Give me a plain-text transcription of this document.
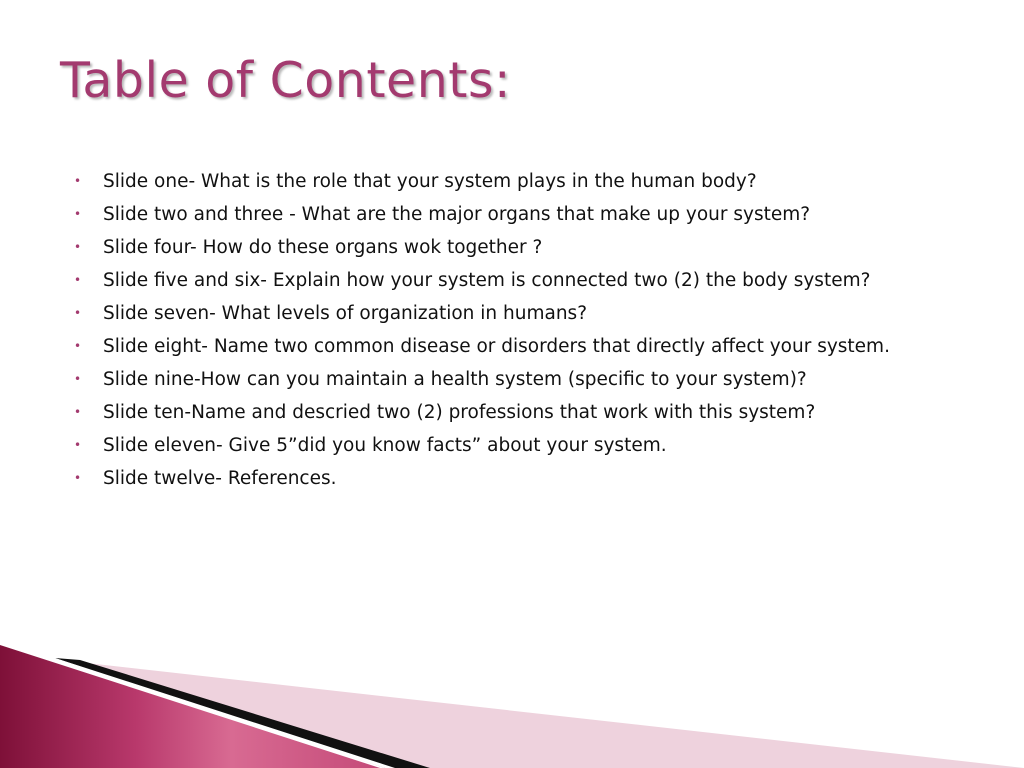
Table of Contents:
•	Slide one- What is the role that your system plays in the human body?
•	Slide two and three - What are the major organs that make up your system?
•	Slide four- How do these organs wok together ?
•	Slide five and six- Explain how your system is connected two (2) the body system?
•	Slide seven- What levels of organization in humans?
•	Slide eight- Name two common disease or disorders that directly affect your system.
•	Slide nine-How can you maintain a health system (specific to your system)?
•	Slide ten-Name and descried two (2) professions that work with this system?
•	Slide eleven- Give 5”did you know facts” about your system.
•	Slide twelve- References.
